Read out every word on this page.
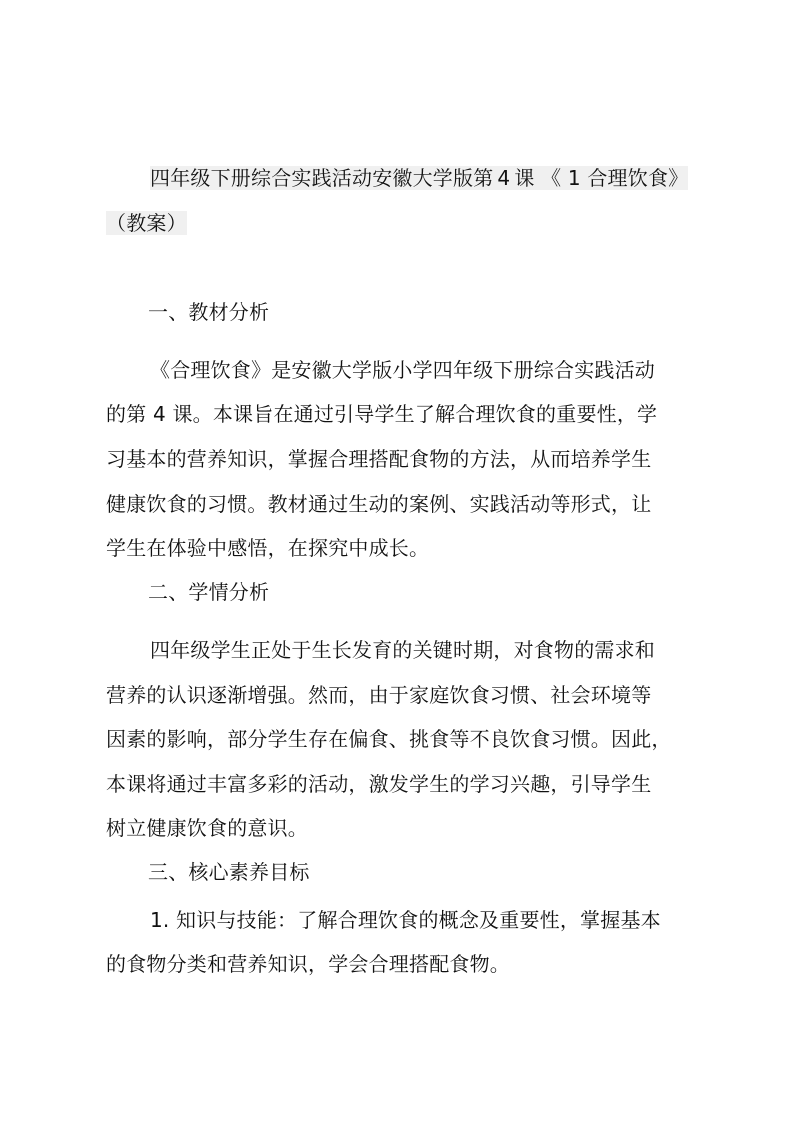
四年级下册综合实践活动安徽大学版第 4 课 《 1 合理饮食》
（教案）
一、教材分析
《合理饮食》是安徽大学版小学四年级下册综合实践活动
的第 4 课。本课旨在通过引导学生了解合理饮食的重要性，学
习基本的营养知识，掌握合理搭配食物的方法，从而培养学生
健康饮食的习惯。教材通过生动的案例、实践活动等形式，让
学生在体验中感悟，在探究中成长。
二、学情分析
四年级学生正处于生长发育的关键时期，对食物的需求和
营养的认识逐渐增强。然而，由于家庭饮食习惯、社会环境等
因素的影响，部分学生存在偏食、挑食等不良饮食习惯。因此，
本课将通过丰富多彩的活动，激发学生的学习兴趣，引导学生
树立健康饮食的意识。
三、核心素养目标
1. 知识与技能：了解合理饮食的概念及重要性，掌握基本
的食物分类和营养知识，学会合理搭配食物。
